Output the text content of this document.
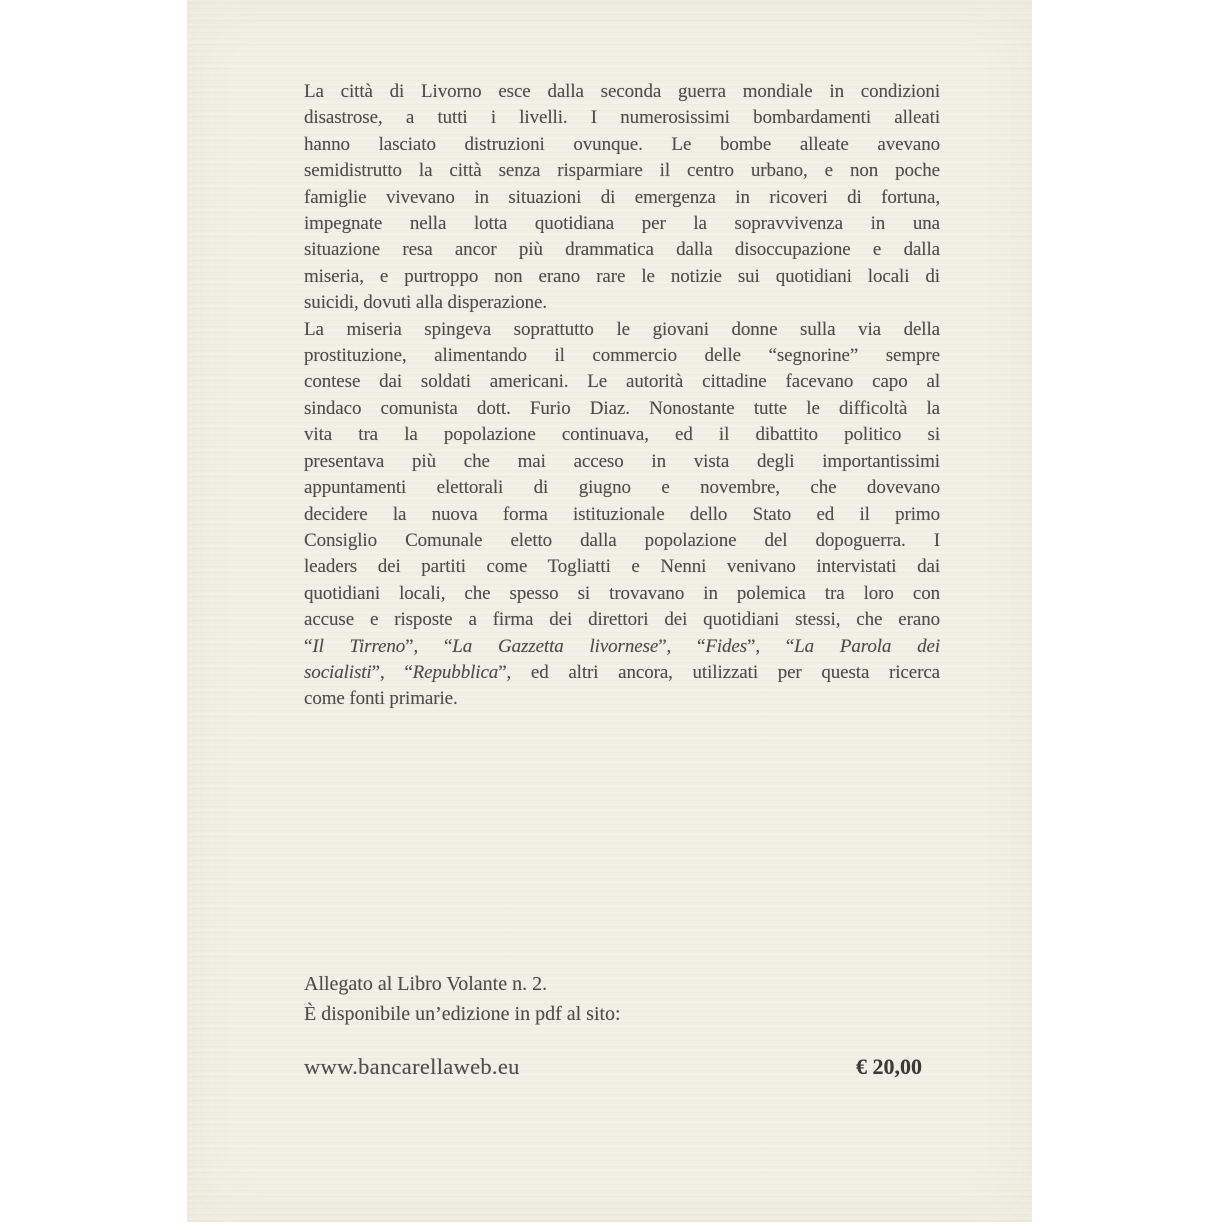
La città di Livorno esce dalla seconda guerra mondiale in condizioni
disastrose, a tutti i livelli. I numerosissimi bombardamenti alleati
hanno lasciato distruzioni ovunque. Le bombe alleate avevano
semidistrutto la città senza risparmiare il centro urbano, e non poche
famiglie vivevano in situazioni di emergenza in ricoveri di fortuna,
impegnate nella lotta quotidiana per la sopravvivenza in una
situazione resa ancor più drammatica dalla disoccupazione e dalla
miseria, e purtroppo non erano rare le notizie sui quotidiani locali di
suicidi, dovuti alla disperazione.
La miseria spingeva soprattutto le giovani donne sulla via della
prostituzione, alimentando il commercio delle “segnorine” sempre
contese dai soldati americani. Le autorità cittadine facevano capo al
sindaco comunista dott. Furio Diaz. Nonostante tutte le difficoltà la
vita tra la popolazione continuava, ed il dibattito politico si
presentava più che mai acceso in vista degli importantissimi
appuntamenti elettorali di giugno e novembre, che dovevano
decidere la nuova forma istituzionale dello Stato ed il primo
Consiglio Comunale eletto dalla popolazione del dopoguerra. I
leaders dei partiti come Togliatti e Nenni venivano intervistati dai
quotidiani locali, che spesso si trovavano in polemica tra loro con
accuse e risposte a firma dei direttori dei quotidiani stessi, che erano
“Il Tirreno”, “La Gazzetta livornese”, “Fides”, “La Parola dei
socialisti”, “Repubblica”, ed altri ancora, utilizzati per questa ricerca
come fonti primarie.
Allegato al Libro Volante n. 2.
È disponibile un’edizione in pdf al sito:
www.bancarellaweb.eu	€ 20,00
